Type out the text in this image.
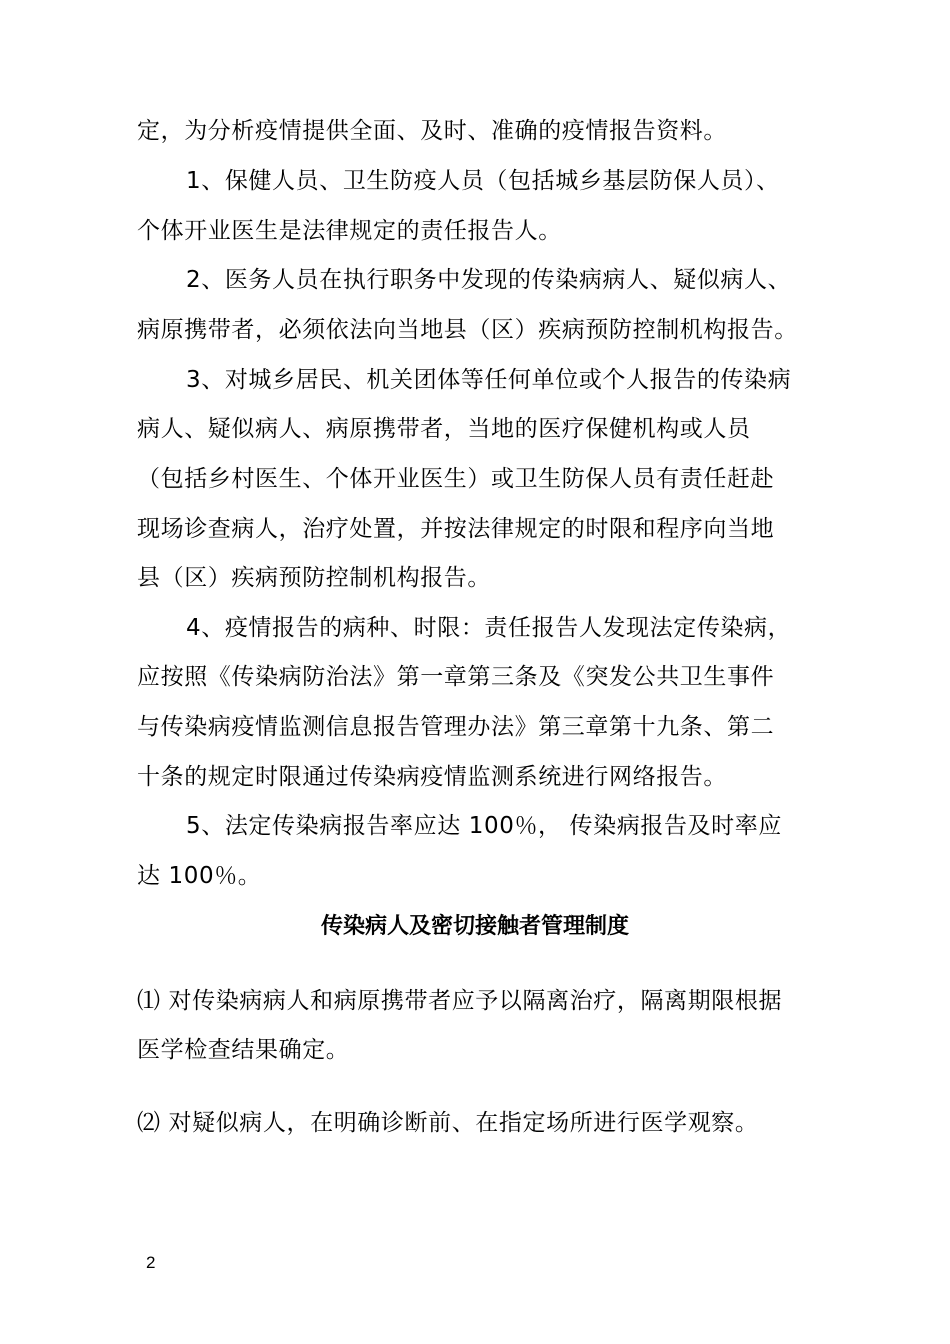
定，为分析疫情提供全面、及时、准确的疫情报告资料。
1、保健人员、卫生防疫人员（包括城乡基层防保人员）、
个体开业医生是法律规定的责任报告人。
2、医务人员在执行职务中发现的传染病病人、疑似病人、
病原携带者，必须依法向当地县（区）疾病预防控制机构报告。
3、对城乡居民、机关团体等任何单位或个人报告的传染病
病人、疑似病人、病原携带者，当地的医疗保健机构或人员
（包括乡村医生、个体开业医生）或卫生防保人员有责任赶赴
现场诊查病人，治疗处置，并按法律规定的时限和程序向当地
县（区）疾病预防控制机构报告。
4、疫情报告的病种、时限：责任报告人发现法定传染病，
应按照《传染病防治法》第一章第三条及《突发公共卫生事件
与传染病疫情监测信息报告管理办法》第三章第十九条、第二
十条的规定时限通过传染病疫情监测系统进行网络报告。
5、法定传染病报告率应达 100％， 传染病报告及时率应
达 100％。
传染病人及密切接触者管理制度
⑴ 对传染病病人和病原携带者应予以隔离治疗，隔离期限根据
医学检查结果确定。
⑵ 对疑似病人，在明确诊断前、在指定场所进行医学观察。
2
